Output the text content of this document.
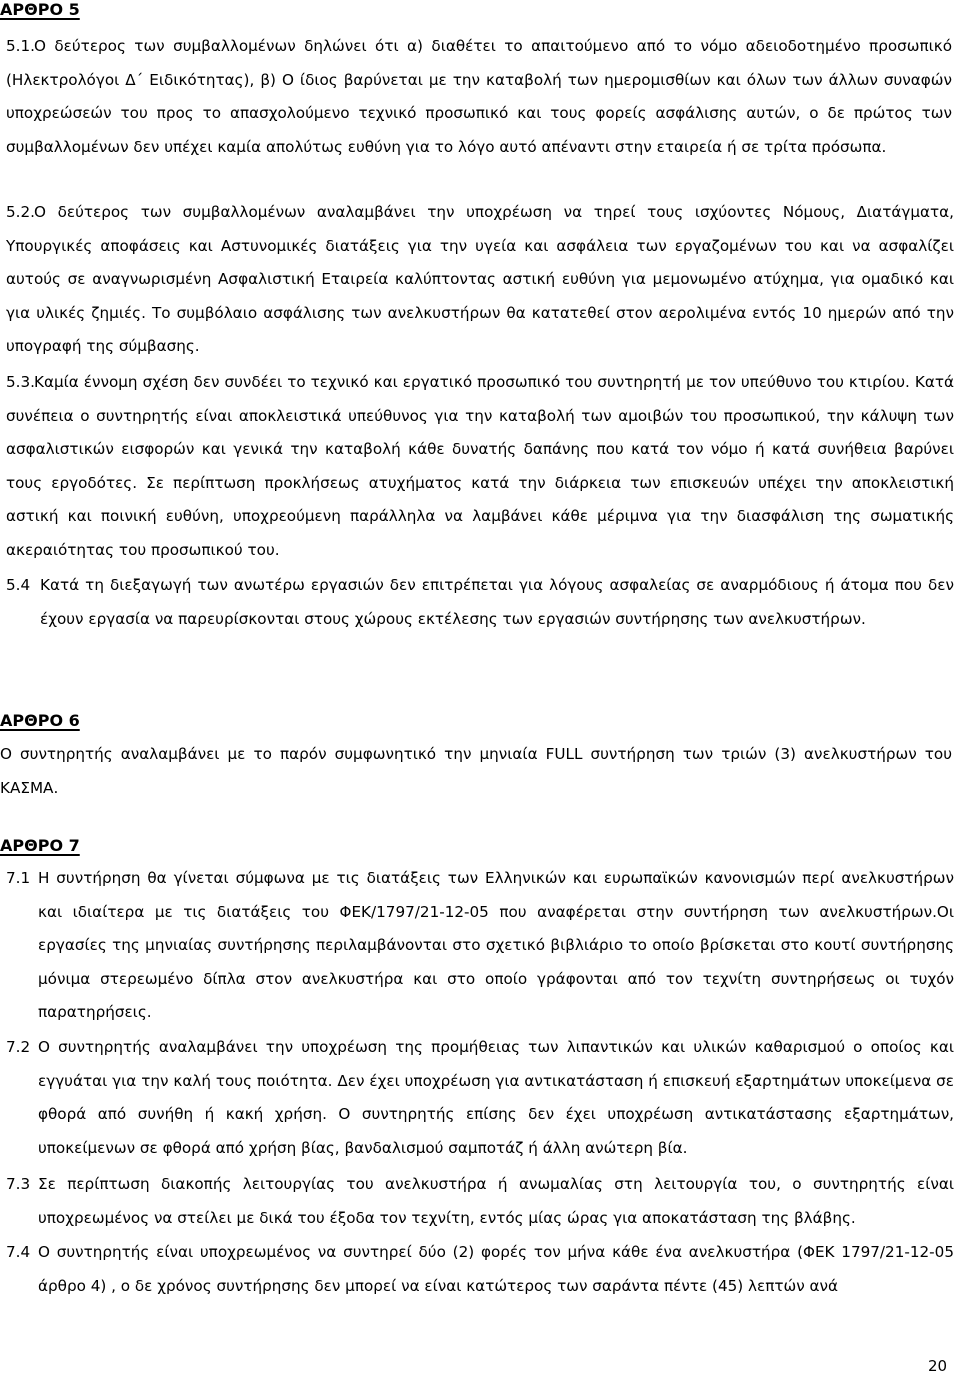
ΑΡΘΡΟ 5
5.1. Ο δεύτερος των συμβαλλομένων δηλώνει ότι α) διαθέτει το απαιτούμενο από το νόμο αδειοδοτημένο προσωπικό (Ηλεκτρολόγοι Δ΄ Ειδικότητας), β) Ο ίδιος βαρύνεται με την καταβολή των ημερομισθίων και όλων των άλλων συναφών υποχρεώσεών του προς το απασχολούμενο τεχνικό προσωπικό και τους φορείς ασφάλισης αυτών, ο δε πρώτος των συμβαλλομένων δεν υπέχει καμία απολύτως ευθύνη για το λόγο αυτό απέναντι στην εταιρεία ή σε τρίτα πρόσωπα.
5.2. Ο δεύτερος των συμβαλλομένων αναλαμβάνει την υποχρέωση να τηρεί τους ισχύοντες Νόμους, Διατάγματα, Υπουργικές αποφάσεις και Αστυνομικές διατάξεις για την υγεία και ασφάλεια των εργαζομένων του και να ασφαλίζει αυτούς σε αναγνωρισμένη Ασφαλιστική Εταιρεία καλύπτοντας αστική ευθύνη για μεμονωμένο ατύχημα, για ομαδικό και για υλικές ζημιές. Το συμβόλαιο ασφάλισης των ανελκυστήρων θα κατατεθεί στον αερολιμένα εντός 10 ημερών από την υπογραφή της σύμβασης.
5.3. Καμία έννομη σχέση δεν συνδέει το τεχνικό και εργατικό προσωπικό του συντηρητή με τον υπεύθυνο του κτιρίου. Κατά συνέπεια ο συντηρητής είναι αποκλειστικά υπεύθυνος για την καταβολή των αμοιβών του προσωπικού, την κάλυψη των ασφαλιστικών εισφορών και γενικά την καταβολή κάθε δυνατής δαπάνης που κατά τον νόμο ή κατά συνήθεια βαρύνει τους εργοδότες. Σε περίπτωση προκλήσεως ατυχήματος κατά την διάρκεια των επισκευών υπέχει την αποκλειστική αστική και ποινική ευθύνη, υποχρεούμενη παράλληλα να λαμβάνει κάθε μέριμνα για την διασφάλιση της σωματικής ακεραιότητας του προσωπικού του.
5.4 Κατά τη διεξαγωγή των ανωτέρω εργασιών δεν επιτρέπεται για λόγους ασφαλείας σε αναρμόδιους ή άτομα που δεν έχουν εργασία να παρευρίσκονται στους χώρους εκτέλεσης των εργασιών συντήρησης των ανελκυστήρων.
ΑΡΘΡΟ 6
Ο συντηρητής αναλαμβάνει με το παρόν συμφωνητικό την μηνιαία FULL συντήρηση των τριών (3) ανελκυστήρων του ΚΑΣΜΑ.
ΑΡΘΡΟ 7
7.1 Η συντήρηση θα γίνεται σύμφωνα με τις διατάξεις των Ελληνικών και ευρωπαϊκών κανονισμών περί ανελκυστήρων και ιδιαίτερα με τις διατάξεις του ΦΕΚ/1797/21-12-05 που αναφέρεται στην συντήρηση των ανελκυστήρων.Οι εργασίες της μηνιαίας συντήρησης περιλαμβάνονται στο σχετικό βιβλιάριο το οποίο βρίσκεται στο κουτί συντήρησης μόνιμα στερεωμένο δίπλα στον ανελκυστήρα και στο οποίο γράφονται από τον τεχνίτη συντηρήσεως οι τυχόν παρατηρήσεις.
7.2 Ο συντηρητής αναλαμβάνει την υποχρέωση της προμήθειας των λιπαντικών και υλικών καθαρισμού ο οποίος και εγγυάται για την καλή τους ποιότητα. Δεν έχει υποχρέωση για αντικατάσταση ή επισκευή εξαρτημάτων υποκείμενα σε φθορά από συνήθη ή κακή χρήση. Ο συντηρητής επίσης δεν έχει υποχρέωση αντικατάστασης εξαρτημάτων, υποκείμενων σε φθορά από χρήση βίας, βανδαλισμού σαμποτάζ ή άλλη ανώτερη βία.
7.3 Σε περίπτωση διακοπής λειτουργίας του ανελκυστήρα ή ανωμαλίας στη λειτουργία του, ο συντηρητής είναι υποχρεωμένος να στείλει με δικά του έξοδα τον τεχνίτη, εντός μίας ώρας για αποκατάσταση της βλάβης.
7.4 Ο συντηρητής είναι υποχρεωμένος να συντηρεί δύο (2) φορές τον μήνα κάθε ένα ανελκυστήρα (ΦΕΚ 1797/21-12-05 άρθρο 4) , ο δε χρόνος συντήρησης δεν μπορεί να είναι κατώτερος των σαράντα πέντε (45) λεπτών ανά
20
